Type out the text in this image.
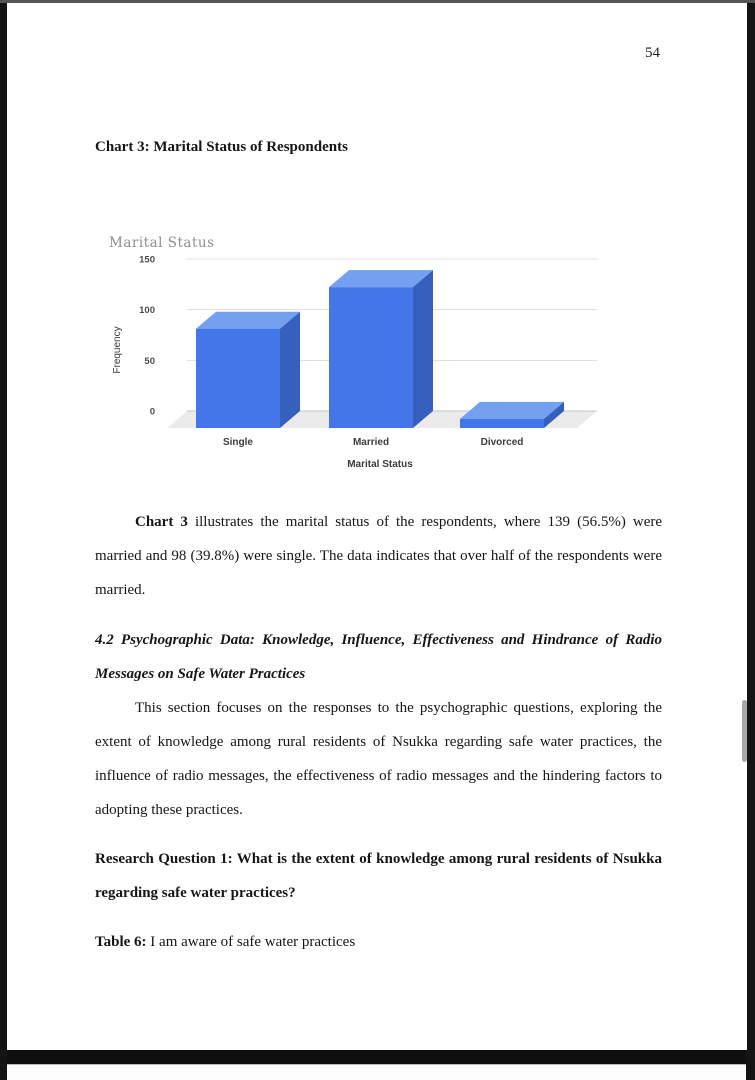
54
Chart 3: Marital Status of Respondents
150
100
50
0
Single	Married	Divorced
Marital Status
Frequency
Marital Status
Chart 3 illustrates the marital status of the respondents, where 139 (56.5%) were married and 98 (39.8%) were single. The data indicates that over half of the respondents were married.
4.2 Psychographic Data: Knowledge, Influence, Effectiveness and Hindrance of Radio Messages on Safe Water Practices
This section focuses on the responses to the psychographic questions, exploring the extent of knowledge among rural residents of Nsukka regarding safe water practices, the influence of radio messages, the effectiveness of radio messages and the hindering factors to adopting these practices.
Research Question 1: What is the extent of knowledge among rural residents of Nsukka regarding safe water practices?
Table 6: I am aware of safe water practices
